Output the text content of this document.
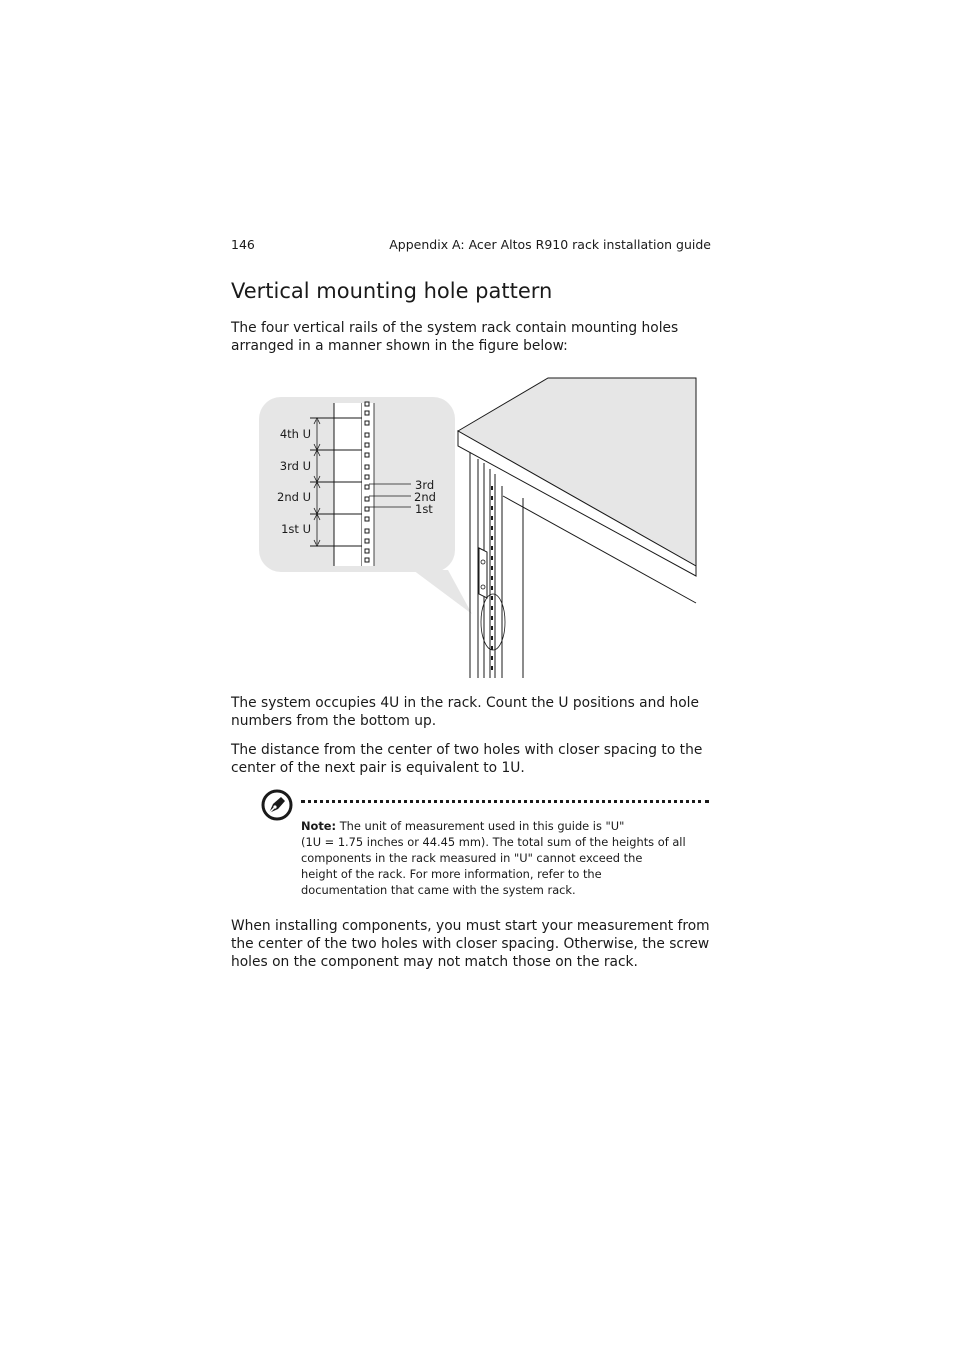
146	Appendix A: Acer Altos R910 rack installation guide
Vertical mounting hole pattern

The four vertical rails of the system rack contain mounting holes arranged in a manner shown in the figure below:

4th U
3rd U
2nd U
1st U
3rd
2nd
1st

The system occupies 4U in the rack. Count the U positions and hole numbers from the bottom up.

The distance from the center of two holes with closer spacing to the center of the next pair is equivalent to 1U.

Note: The unit of measurement used in this guide is "U"
(1U = 1.75 inches or 44.45 mm). The total sum of the heights of all
components in the rack measured in "U" cannot exceed the
height of the rack. For more information, refer to the
documentation that came with the system rack.

When installing components, you must start your measurement from the center of the two holes with closer spacing. Otherwise, the screw holes on the component may not match those on the rack.
